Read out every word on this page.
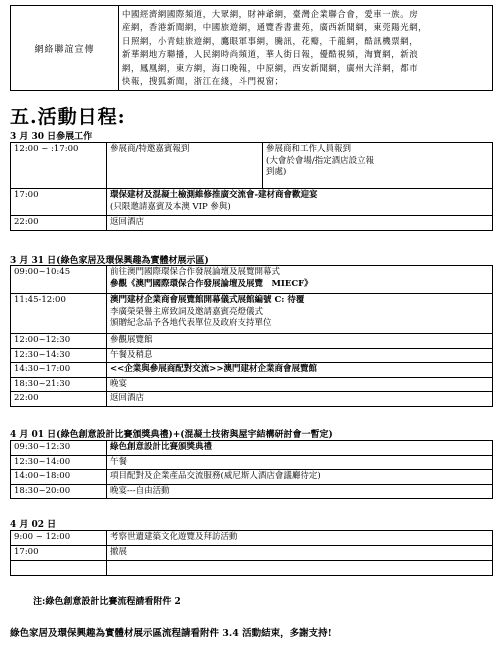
網絡聯誼宣傳	
中國經濟網國際頻道，大眾網，財神爺網，臺灣企業聯合會，愛車一族。房
産網，香港新聞網，中國旅遊網，通覽香書畫苑，廣西新聞網，東莞陽光網，
日照網，小青蛙旅遊網，鷹眼軍事網，騰訊，花瓣，千龍網，酷訊機票網，
新華網地方聯播，人民網時尚頻道，華人街日報，優酷視頻，淘寶網，新浪
網，鳳凰網，東方網，海口晚報，中原網，西安新聞網，廣州大洋網，都市
快報，搜狐新聞，浙江在綫，斗門視窗；
五.活動日程:
3 月 30 日參展工作
12:00 ~ :17:00	參展商/特邀嘉賓報到	參展商和工作人員報到
(大會於會場/指定酒店設立報
到處)

17:00	環保建材及混凝土檢測維修推廣交流會-建材商會歡迎宴
(只限邀請嘉賓及本澳 VIP 參與)	

22:00	返回酒店	
3 月 31 日(綠色家居及環保興趣為實體材展示區)
09:00~10:45	前往澳門國際環保合作發展論壇及展覽開幕式
參觀《澳門國際環保合作發展論壇及展覽　MIECF》

11:45-12:00	澳門建材企業商會展覽館開幕儀式展館編號 C: 待覆
李廣榮榮譽主席致詞及邀請嘉賓亮燈儀式
頒贈紀念品予各地代表單位及政府支持單位

12:00~12:30	參觀展覽館
12:30~14:30	午餐及稍息
14:30~17:00	<<企業與參展商配對交流>>澳門建材企業商會展覽館
18:30~21:30	晚宴
22:00	返回酒店
4 月 01 日(綠色創意設計比賽頒獎典禮)+(混凝土技術與屋宇結構研討會一暫定)
09:30~12:30	綠色創意設計比賽頒獎典禮
12:30~14:00	午餐
14:00~18:00	項目配對及企業產品交流服務(威尼斯人酒店會議廳待定)
18:30~20:00	晚宴---自由活動
4 月 02 日
9:00 ~ 12:00	考察世遺建築文化遊覽及拜訪活動
17:00	撤展

注:綠色創意設計比賽流程請看附件 2
綠色家居及環保興趣為實體材展示區流程請看附件 3.4 活動結束，多謝支持!
